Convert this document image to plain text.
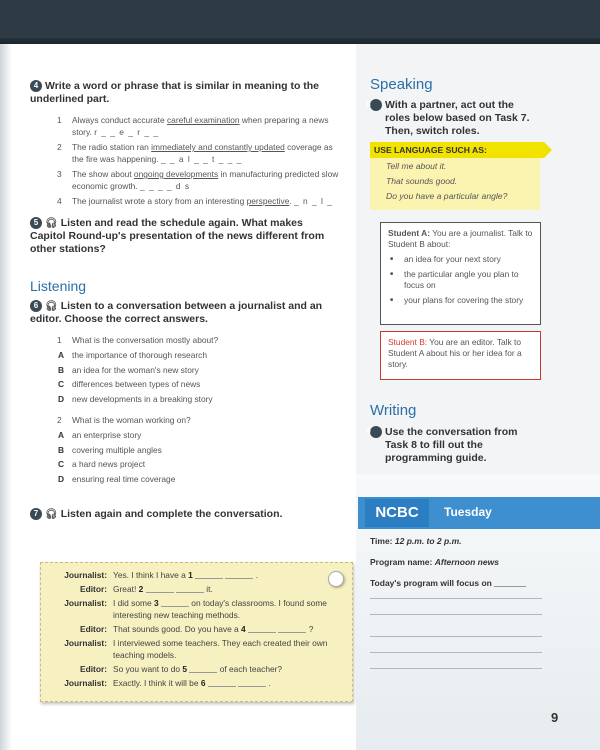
4 Write a word or phrase that is similar in meaning to the underlined part.
1 Always conduct accurate careful examination when preparing a news story. r _ _ e _ r _ _
2 The radio station ran immediately and constantly updated coverage as the fire was happening. _ _ a l _ _ t _ _ _
3 The show about ongoing developments in manufacturing predicted slow economic growth. _ _ _ _ d s
4 The journalist wrote a story from an interesting perspective. _ n _ l _
5 🎧︎ Listen and read the schedule again. What makes Capitol Round-up's presentation of the news different from other stations?
Listening
6 🎧︎ Listen to a conversation between a journalist and an editor. Choose the correct answers.
1 What is the conversation mostly about?
A the importance of thorough research
B an idea for the woman's new story
C differences between types of news
D new developments in a breaking story
2 What is the woman working on?
A an enterprise story
B covering multiple angles
C a hard news project
D ensuring real time coverage
7 🎧︎ Listen again and complete the conversation.
Journalist: Yes. I think I have a 1	.
Editor: Great! 2	it.
Journalist: I did some 3	on today's classrooms. I found some interesting new teaching methods.
Editor: That sounds good. Do you have a 4	?
Journalist: I interviewed some teachers. They each created their own teaching models.
Editor: So you want to do 5	of each teacher?
Journalist: Exactly. I think it will be 6	.
Speaking
8 With a partner, act out the roles below based on Task 7. Then, switch roles.
USE LANGUAGE SUCH AS:
Tell me about it.
That sounds good.
Do you have a particular angle?
Student A: You are a journalist. Talk to Student B about:
■ an idea for your next story
■ the particular angle you plan to focus on
■ your plans for covering the story
Student B: You are an editor. Talk to Student A about his or her idea for a story.
Writing
9 Use the conversation from Task 8 to fill out the programming guide.
NCBC	Tuesday
Time: 12 p.m. to 2 p.m.
Program name: Afternoon news
Today's program will focus on
9
